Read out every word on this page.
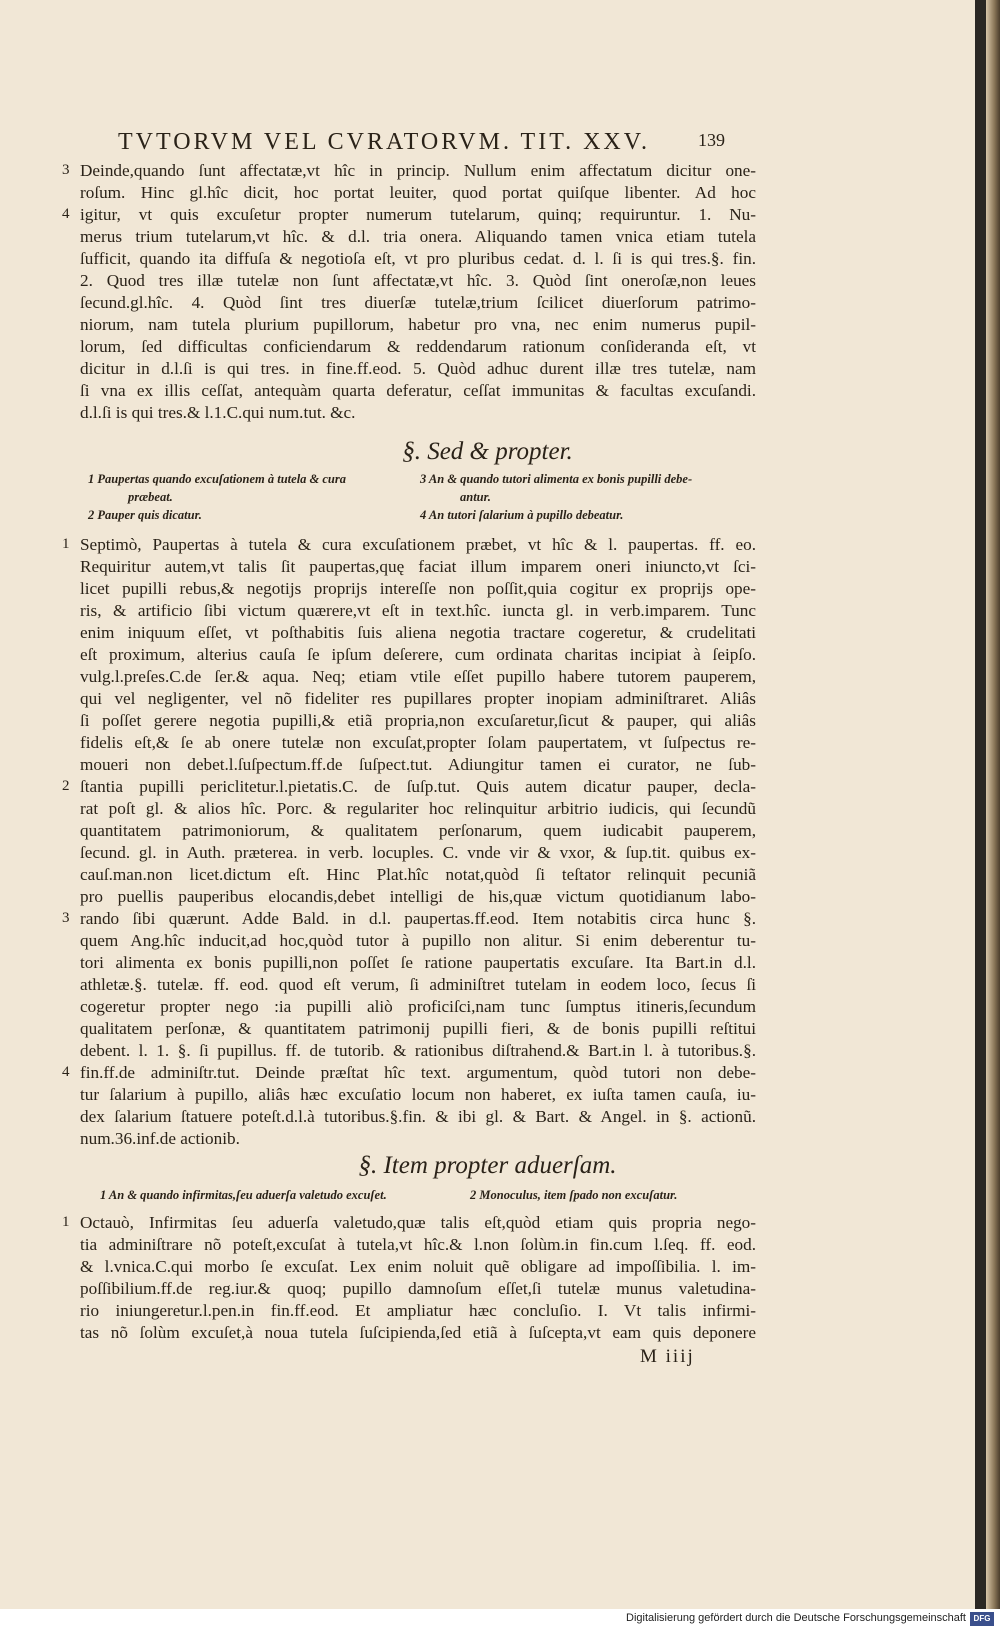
TVTORVM VEL CVRATORVM. TIT. XXV.	139
Deinde,quando ſunt affectatæ,vt hîc in princip. Nullum enim affectatum dicitur one-
roſum. Hinc gl.hîc dicit, hoc portat leuiter, quod portat quiſque libenter. Ad hoc
igitur, vt quis excuſetur propter numerum tutelarum, quinq; requiruntur. 1. Nu-
merus trium tutelarum,vt hîc. & d.l. tria onera. Aliquando tamen vnica etiam tutela
ſufficit, quando ita diffuſa & negotioſa eſt, vt pro pluribus cedat. d. l. ſi is qui tres.§. fin.
2. Quod tres illæ tutelæ non ſunt affectatæ,vt hîc. 3. Quòd ſint oneroſæ,non leues
ſecund.gl.hîc. 4. Quòd ſint tres diuerſæ tutelæ,trium ſcilicet diuerſorum patrimo-
niorum, nam tutela plurium pupillorum, habetur pro vna, nec enim numerus pupil-
lorum, ſed difficultas conficiendarum & reddendarum rationum conſideranda eſt, vt
dicitur in d.l.ſi is qui tres. in fine.ff.eod. 5. Quòd adhuc durent illæ tres tutelæ, nam
ſi vna ex illis ceſſat, antequàm quarta deferatur, ceſſat immunitas & facultas excuſandi.
d.l.ſi is qui tres.& l.1.C.qui num.tut. &c.
3
4
§. Sed & propter.
1 Paupertas quando excuſationem à tutela & cura
præbeat.
2 Pauper quis dicatur.
3 An & quando tutori alimenta ex bonis pupilli debe-
antur.
4 An tutori ſalarium à pupillo debeatur.
Septimò, Paupertas à tutela & cura excuſationem præbet, vt hîc & l. paupertas. ff. eo.
Requiritur autem,vt talis ſit paupertas,quę faciat illum imparem oneri iniuncto,vt ſci-
licet pupilli rebus,& negotijs proprijs intereſſe non poſſit,quia cogitur ex proprijs ope-
ris, & artificio ſibi victum quærere,vt eſt in text.hîc. iuncta gl. in verb.imparem. Tunc
enim iniquum eſſet, vt poſthabitis ſuis aliena negotia tractare cogeretur, & crudelitati
eſt proximum, alterius cauſa ſe ipſum deſerere, cum ordinata charitas incipiat à ſeipſo.
vulg.l.preſes.C.de ſer.& aqua. Neq; etiam vtile eſſet pupillo habere tutorem pauperem,
qui vel negligenter, vel nõ fideliter res pupillares propter inopiam adminiſtraret. Aliâs
ſi poſſet gerere negotia pupilli,& etiã propria,non excuſaretur,ſicut & pauper, qui aliâs
fidelis eſt,& ſe ab onere tutelæ non excuſat,propter ſolam paupertatem, vt ſuſpectus re-
moueri non debet.l.ſuſpectum.ff.de ſuſpect.tut. Adiungitur tamen ei curator, ne ſub-
ſtantia pupilli periclitetur.l.pietatis.C. de ſuſp.tut. Quis autem dicatur pauper, decla-
rat poſt gl. & alios hîc. Porc. & regulariter hoc relinquitur arbitrio iudicis, qui ſecundũ
quantitatem patrimoniorum, & qualitatem perſonarum, quem iudicabit pauperem,
ſecund. gl. in Auth. præterea. in verb. locuples. C. vnde vir & vxor, & ſup.tit. quibus ex-
cauſ.man.non licet.dictum eſt. Hinc Plat.hîc notat,quòd ſi teſtator relinquit pecuniã
pro puellis pauperibus elocandis,debet intelligi de his,quæ victum quotidianum labo-
rando ſibi quærunt. Adde Bald. in d.l. paupertas.ff.eod. Item notabitis circa hunc §.
quem Ang.hîc inducit,ad hoc,quòd tutor à pupillo non alitur. Si enim deberentur tu-
tori alimenta ex bonis pupilli,non poſſet ſe ratione paupertatis excuſare. Ita Bart.in d.l.
athletæ.§. tutelæ. ff. eod. quod eſt verum, ſi adminiſtret tutelam in eodem loco, ſecus ſi
cogeretur propter nego :ia pupilli aliò proficiſci,nam tunc ſumptus itineris,ſecundum
qualitatem perſonæ, & quantitatem patrimonij pupilli fieri, & de bonis pupilli reſtitui
debent. l. 1. §. ſi pupillus. ff. de tutorib. & rationibus diſtrahend.& Bart.in l. à tutoribus.§.
fin.ff.de adminiſtr.tut. Deinde præſtat hîc text. argumentum, quòd tutori non debe-
tur ſalarium à pupillo, aliâs hæc excuſatio locum non haberet, ex iuſta tamen cauſa, iu-
dex ſalarium ſtatuere poteſt.d.l.à tutoribus.§.fin. & ibi gl. & Bart. & Angel. in §. actionũ.
num.36.inf.de actionib.
1
2
3
4
§. Item propter aduerſam.
1 An & quando infirmitas,ſeu aduerſa valetudo excuſet.	2 Monoculus, item ſpado non excuſatur.
Octauò, Infirmitas ſeu aduerſa valetudo,quæ talis eſt,quòd etiam quis propria nego-
tia adminiſtrare nõ poteſt,excuſat à tutela,vt hîc.& l.non ſolùm.in fin.cum l.ſeq. ff. eod.
& l.vnica.C.qui morbo ſe excuſat. Lex enim noluit quẽ obligare ad impoſſibilia. l. im-
poſſibilium.ff.de reg.iur.& quoq; pupillo damnoſum eſſet,ſi tutelæ munus valetudina-
rio iniungeretur.l.pen.in fin.ff.eod. Et ampliatur hæc concluſio. I. Vt talis infirmi-
tas nõ ſolùm excuſet,à noua tutela ſuſcipienda,ſed etiã à ſuſcepta,vt eam quis deponere
1
M iiij
Digitalisierung gefördert durch die Deutsche Forschungsgemeinschaft DFG
